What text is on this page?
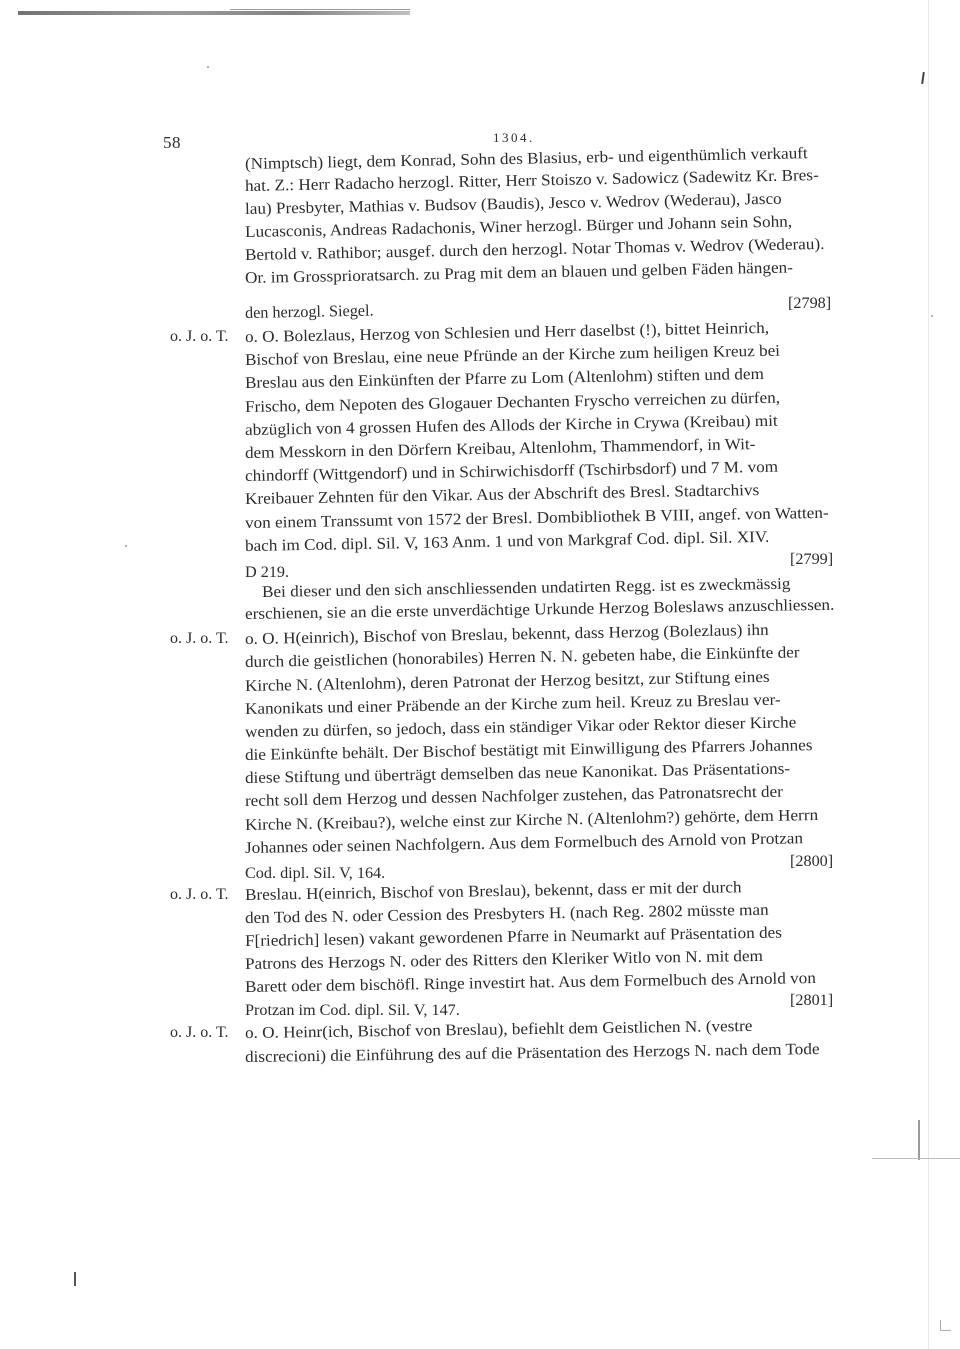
58	1304.
(Nimptsch) liegt, dem Konrad, Sohn des Blasius, erb- und eigenthümlich verkauft
hat. Z.: Herr Radacho herzogl. Ritter, Herr Stoiszo v. Sadowicz (Sadewitz Kr. Bres-
lau) Presbyter, Mathias v. Budsov (Baudis), Jesco v. Wedrov (Wederau), Jasco
Lucasconis, Andreas Radachonis, Winer herzogl. Bürger und Johann sein Sohn,
Bertold v. Rathibor; ausgef. durch den herzogl. Notar Thomas v. Wedrov (Wederau).
Or. im Grossprioratsarch. zu Prag mit dem an blauen und gelben Fäden hängen-
den herzogl. Siegel.	[2798]
o. J. o. T. o. O. Bolezlaus, Herzog von Schlesien und Herr daselbst (!), bittet Heinrich,
Bischof von Breslau, eine neue Pfründe an der Kirche zum heiligen Kreuz bei
Breslau aus den Einkünften der Pfarre zu Lom (Altenlohm) stiften und dem
Frischo, dem Nepoten des Glogauer Dechanten Fryscho verreichen zu dürfen,
abzüglich von 4 grossen Hufen des Allods der Kirche in Crywa (Kreibau) mit
dem Messkorn in den Dörfern Kreibau, Altenlohm, Thammendorf, in Wit-
chindorff (Wittgendorf) und in Schirwichisdorff (Tschirbsdorf) und 7 M. vom
Kreibauer Zehnten für den Vikar. Aus der Abschrift des Bresl. Stadtarchivs
von einem Transsumt von 1572 der Bresl. Dombibliothek B VIII, angef. von Watten-
bach im Cod. dipl. Sil. V, 163 Anm. 1 und von Markgraf Cod. dipl. Sil. XIV.
D 219.
[2799]
Bei dieser und den sich anschliessenden undatirten Regg. ist es zweckmässig
erschienen, sie an die erste unverdächtige Urkunde Herzog Boleslaws anzuschliessen.
o. J. o. T. o. O. H(einrich), Bischof von Breslau, bekennt, dass Herzog (Bolezlaus) ihn
durch die geistlichen (honorabiles) Herren N. N. gebeten habe, die Einkünfte der
Kirche N. (Altenlohm), deren Patronat der Herzog besitzt, zur Stiftung eines
Kanonikats und einer Präbende an der Kirche zum heil. Kreuz zu Breslau ver-
wenden zu dürfen, so jedoch, dass ein ständiger Vikar oder Rektor dieser Kirche
die Einkünfte behält. Der Bischof bestätigt mit Einwilligung des Pfarrers Johannes
diese Stiftung und überträgt demselben das neue Kanonikat. Das Präsentations-
recht soll dem Herzog und dessen Nachfolger zustehen, das Patronatsrecht der
Kirche N. (Kreibau?), welche einst zur Kirche N. (Altenlohm?) gehörte, dem Herrn
Johannes oder seinen Nachfolgern. Aus dem Formelbuch des Arnold von Protzan
Cod. dipl. Sil. V, 164.
[2800]
o. J. o. T. Breslau. H(einrich, Bischof von Breslau), bekennt, dass er mit der durch
den Tod des N. oder Cession des Presbyters H. (nach Reg. 2802 müsste man
F[riedrich] lesen) vakant gewordenen Pfarre in Neumarkt auf Präsentation des
Patrons des Herzogs N. oder des Ritters den Kleriker Witlo von N. mit dem
Barett oder dem bischöfl. Ringe investirt hat. Aus dem Formelbuch des Arnold von
Protzan im Cod. dipl. Sil. V, 147.
[2801]
o. J. o. T. o. O. Heinr(ich, Bischof von Breslau), befiehlt dem Geistlichen N. (vestre
discrecioni) die Einführung des auf die Präsentation des Herzogs N. nach dem Tode
